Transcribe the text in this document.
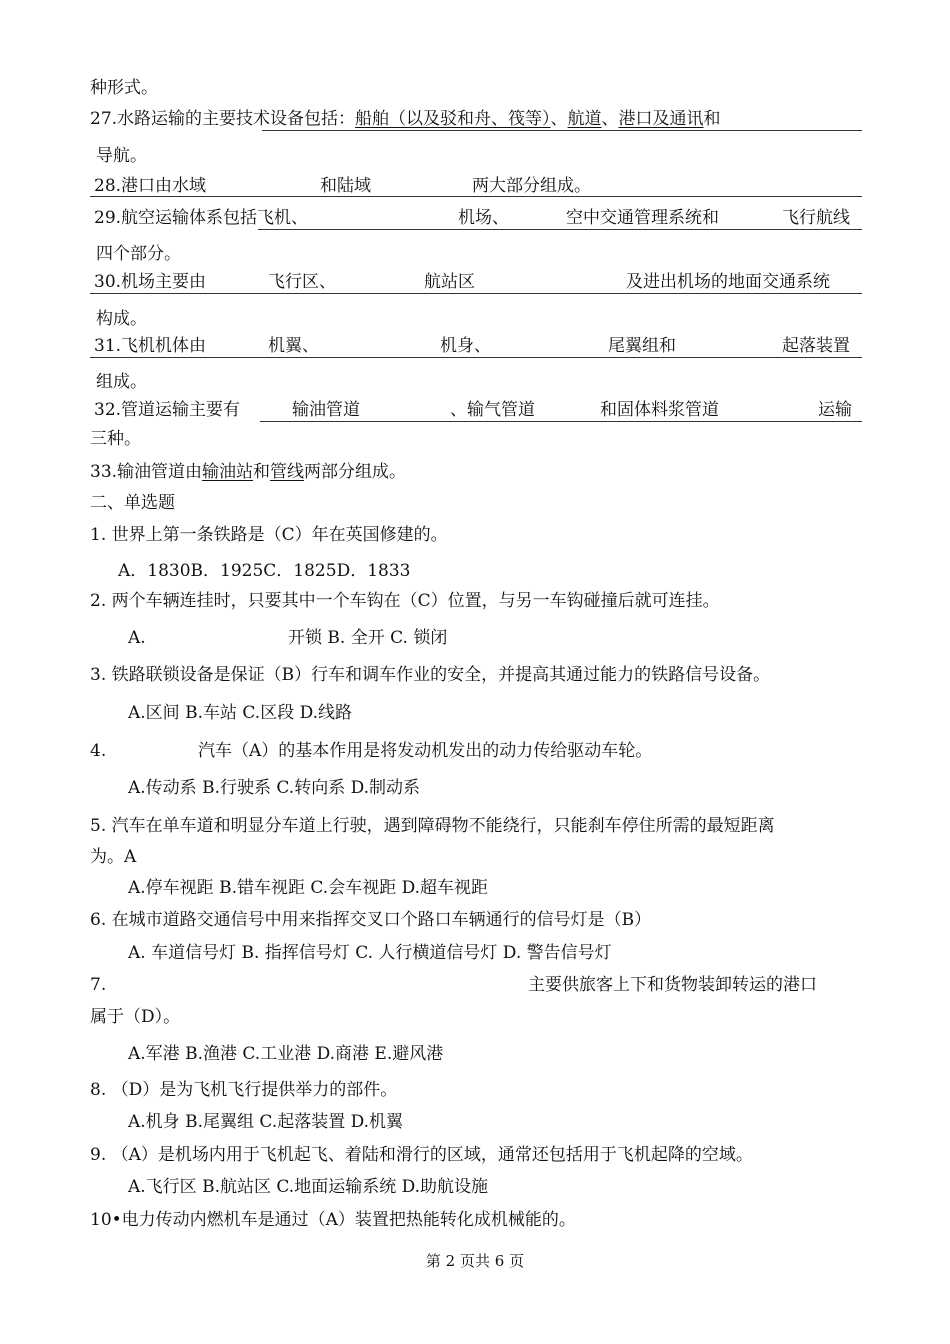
种形式。
27.水路运输的主要技术设备包括：船舶（以及驳和舟、筏等）、航道、港口及通讯和
导航。
28.港口由水域	和陆域	两大部分组成。
29.航空运输体系包括飞机、	机场、	空中交通管理系统和	飞行航线
四个部分。
30.机场主要由	飞行区、	航站区	及进出机场的地面交通系统
构成。
31.飞机机体由	机翼、	机身、	尾翼组和	起落装置
组成。
32.管道运输主要有	输油管道	、输气管道	和固体料浆管道	运输
三种。
33.输油管道由输油站和管线两部分组成。
二、单选题
1. 世界上第一条铁路是（C）年在英国修建的。
A．1830B．1925C．1825D．1833
2. 两个车辆连挂时，只要其中一个车钩在（C）位置，与另一车钩碰撞后就可连挂。
A.	开锁 B. 全开 C. 锁闭
3. 铁路联锁设备是保证（B）行车和调车作业的安全，并提高其通过能力的铁路信号设备。
A.区间 B.车站 C.区段 D.线路
4.	汽车（A）的基本作用是将发动机发出的动力传给驱动车轮。
A.传动系 B.行驶系 C.转向系 D.制动系
5. 汽车在单车道和明显分车道上行驶，遇到障碍物不能绕行，只能刹车停住所需的最短距离
为。A
A.停车视距 B.错车视距 C.会车视距 D.超车视距
6. 在城市道路交通信号中用来指挥交叉口个路口车辆通行的信号灯是（B）
A. 车道信号灯 B. 指挥信号灯 C. 人行横道信号灯 D. 警告信号灯
7.	主要供旅客上下和货物装卸转运的港口
属于（D）。
A.军港 B.渔港 C.工业港 D.商港 E.避风港
8. （D）是为飞机飞行提供举力的部件。
A.机身 B.尾翼组 C.起落装置 D.机翼
9. （A）是机场内用于飞机起飞、着陆和滑行的区域，通常还包括用于飞机起降的空域。
A.飞行区 B.航站区 C.地面运输系统 D.助航设施
10•电力传动内燃机车是通过（A）装置把热能转化成机械能的。
第 2 页共 6 页
